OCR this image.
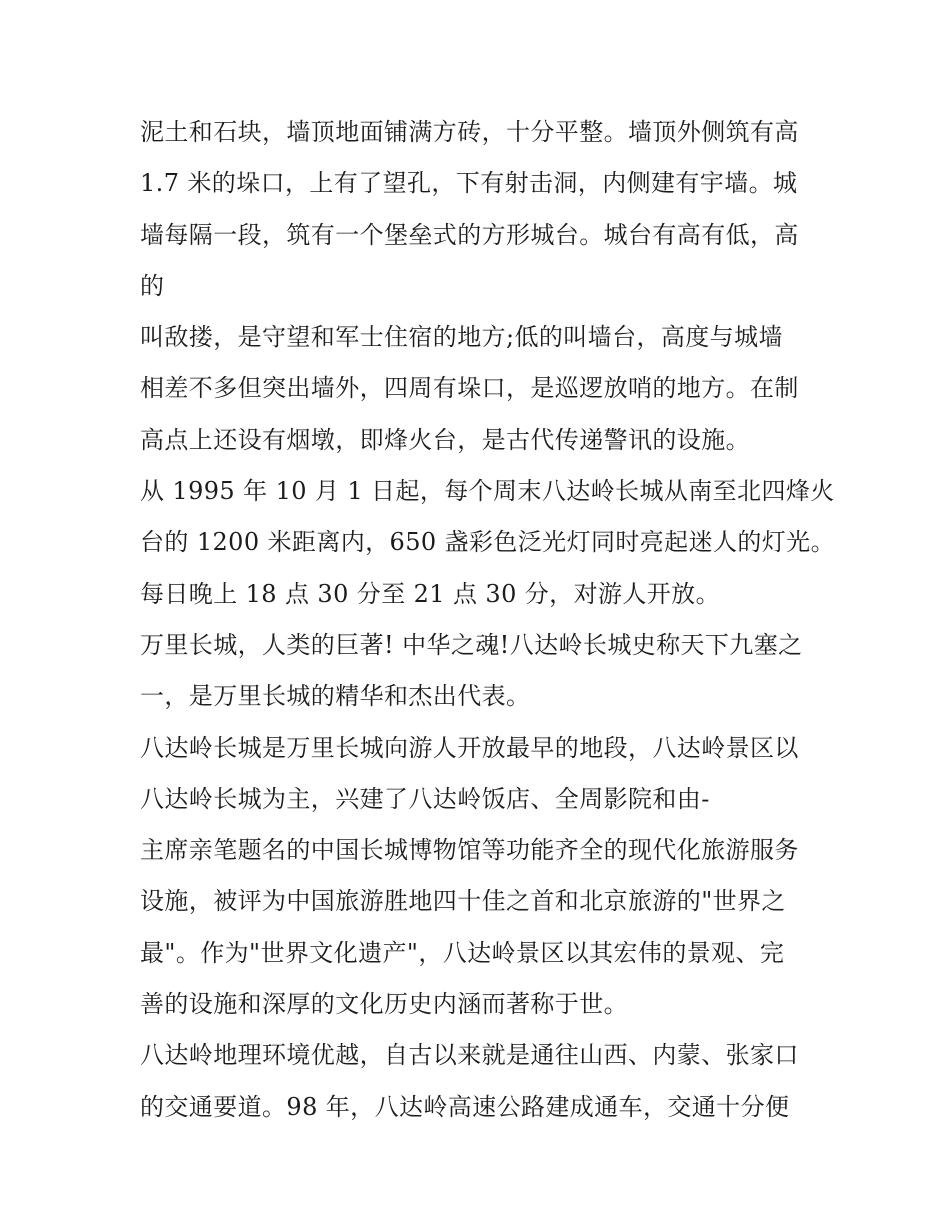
泥土和石块，墙顶地面铺满方砖，十分平整。墙顶外侧筑有高
1.7 米的垛口，上有了望孔，下有射击洞，内侧建有宇墙。城
墙每隔一段，筑有一个堡垒式的方形城台。城台有高有低，高
的
叫敌搂，是守望和军士住宿的地方;低的叫墙台，高度与城墙
相差不多但突出墙外，四周有垛口，是巡逻放哨的地方。在制
高点上还设有烟墩，即烽火台，是古代传递警讯的设施。
从 1995 年 10 月 1 日起，每个周末八达岭长城从南至北四烽火
台的 1200 米距离内，650 盏彩色泛光灯同时亮起迷人的灯光。
每日晚上 18 点 30 分至 21 点 30 分，对游人开放。
万里长城，人类的巨著! 中华之魂!八达岭长城史称天下九塞之
一，是万里长城的精华和杰出代表。
八达岭长城是万里长城向游人开放最早的地段，八达岭景区以
八达岭长城为主，兴建了八达岭饭店、全周影院和由-
主席亲笔题名的中国长城博物馆等功能齐全的现代化旅游服务
设施，被评为中国旅游胜地四十佳之首和北京旅游的"世界之
最"。作为"世界文化遗产"，八达岭景区以其宏伟的景观、完
善的设施和深厚的文化历史内涵而著称于世。
八达岭地理环境优越，自古以来就是通往山西、内蒙、张家口
的交通要道。98 年，八达岭高速公路建成通车，交通十分便
